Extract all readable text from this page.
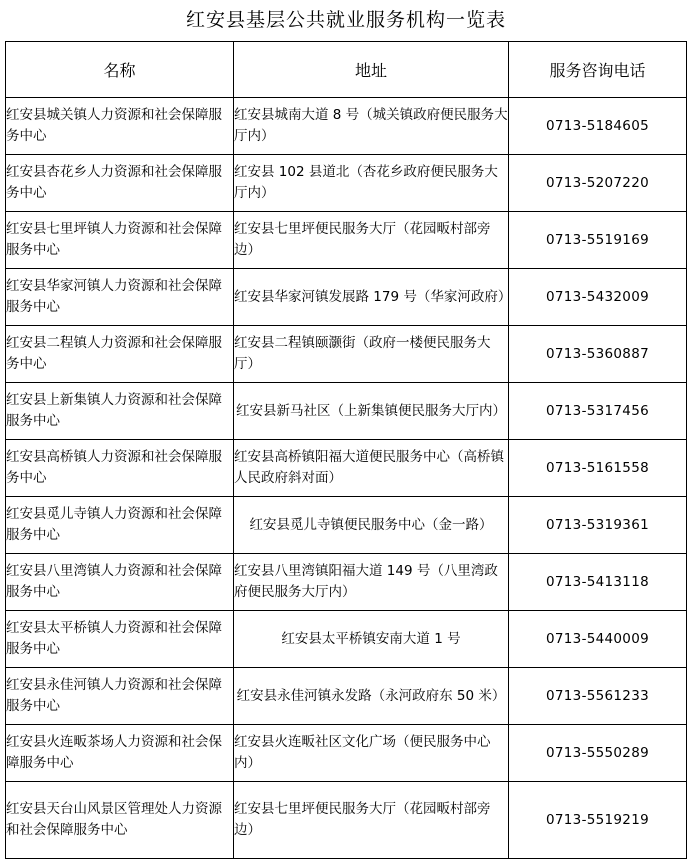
红安县基层公共就业服务机构一览表
名称	地址	服务咨询电话
红安县城关镇人力资源和社会保障服务中心	红安县城南大道 8 号（城关镇政府便民服务大厅内）	0713-5184605
红安县杏花乡人力资源和社会保障服务中心	红安县 102 县道北（杏花乡政府便民服务大厅内）	0713-5207220
红安县七里坪镇人力资源和社会保障服务中心	红安县七里坪便民服务大厅（花园畈村部旁边）	0713-5519169
红安县华家河镇人力资源和社会保障服务中心	红安县华家河镇发展路 179 号（华家河政府）	0713-5432009
红安县二程镇人力资源和社会保障服务中心	红安县二程镇颐灏街（政府一楼便民服务大厅）	0713-5360887
红安县上新集镇人力资源和社会保障服务中心	红安县新马社区（上新集镇便民服务大厅内）	0713-5317456
红安县高桥镇人力资源和社会保障服务中心	红安县高桥镇阳福大道便民服务中心（高桥镇人民政府斜对面）	0713-5161558
红安县觅儿寺镇人力资源和社会保障服务中心	红安县觅儿寺镇便民服务中心（金一路）	0713-5319361
红安县八里湾镇人力资源和社会保障服务中心	红安县八里湾镇阳福大道 149 号（八里湾政府便民服务大厅内）	0713-5413118
红安县太平桥镇人力资源和社会保障服务中心	红安县太平桥镇安南大道 1 号	0713-5440009
红安县永佳河镇人力资源和社会保障服务中心	红安县永佳河镇永发路（永河政府东 50 米）	0713-5561233
红安县火连畈茶场人力资源和社会保障服务中心	红安县火连畈社区文化广场（便民服务中心内）	0713-5550289
红安县天台山风景区管理处人力资源和社会保障服务中心	红安县七里坪便民服务大厅（花园畈村部旁边）	0713-5519219
